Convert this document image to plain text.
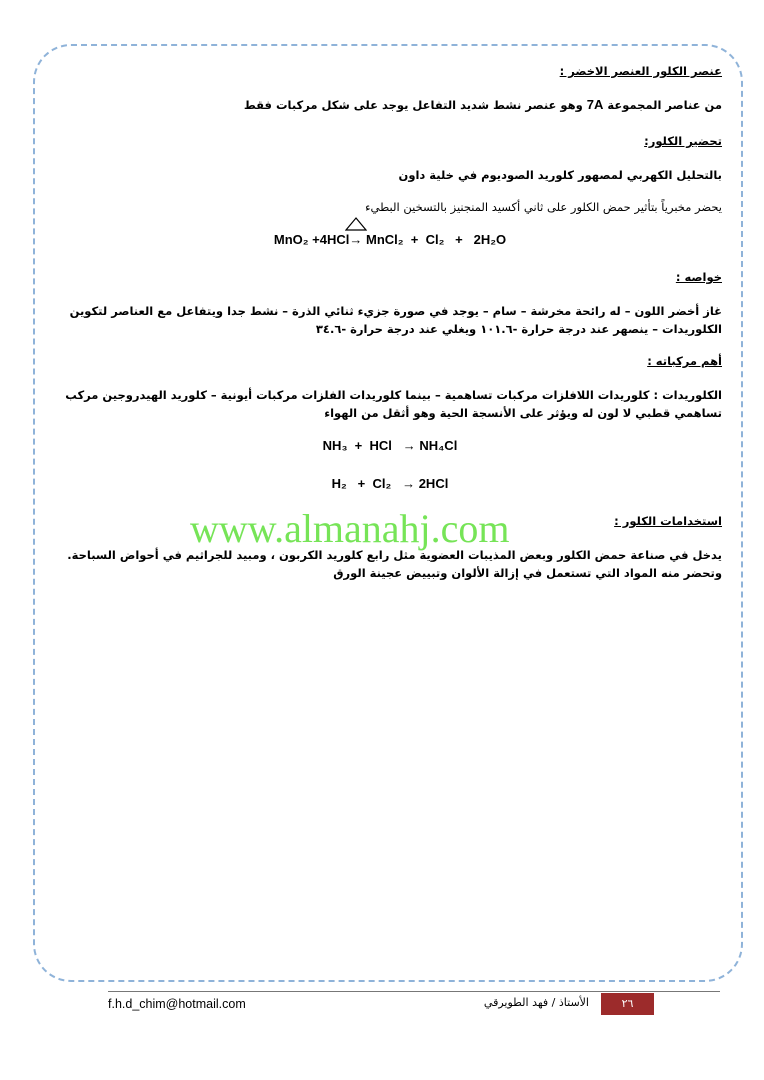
عنصر الكلور العنصر الاخضر :
من عناصر المجموعة 7A وهو عنصر نشط شديد التفاعل يوجد على شكل مركبات فقط
تحضير الكلور:
بالتحليل الكهربي لمصهور كلوريد الصوديوم في خلية داون
يحضر مخبرياً بتأثير حمض الكلور على ثاني أكسيد المنجنيز بالتسخين البطيء
MnO₂ +4HCl
→ MnCl₂  +  Cl₂   +   2H₂O
خواصه :
غاز أخضر اللون – له رائحة مخرشة – سام – يوجد في صورة جزيء ثنائي الذرة – نشط جدا ويتفاعل مع العناصر لتكوين الكلوريدات – ينصهر عند درجة حرارة -١٠١.٦ ويغلي عند درجة حرارة -٣٤.٦
أهم مركباته :
الكلوريدات : كلوريدات اللافلزات مركبات تساهمية – بينما كلوريدات الفلزات مركبات أيونية – كلوريد الهيدروجين مركب تساهمي قطبي لا لون له ويؤثر على الأنسجة الحية وهو أثقل من الهواء
NH₃  +  HCl   → NH₄Cl
H₂   +  Cl₂   → 2HCl
استخدامات الكلور :
يدخل في صناعة حمض الكلور وبعض المذيبات العضوية مثل رابع كلوريد الكربون ، ومبيد للجراثيم في أحواض السباحة. وتحضر منه المواد التي تستعمل في إزالة الألوان وتبييض عجينة الورق
www.almanahj.com
f.h.d_chim@hotmail.com	الأستاذ / فهد الطويرقي	٢٦
